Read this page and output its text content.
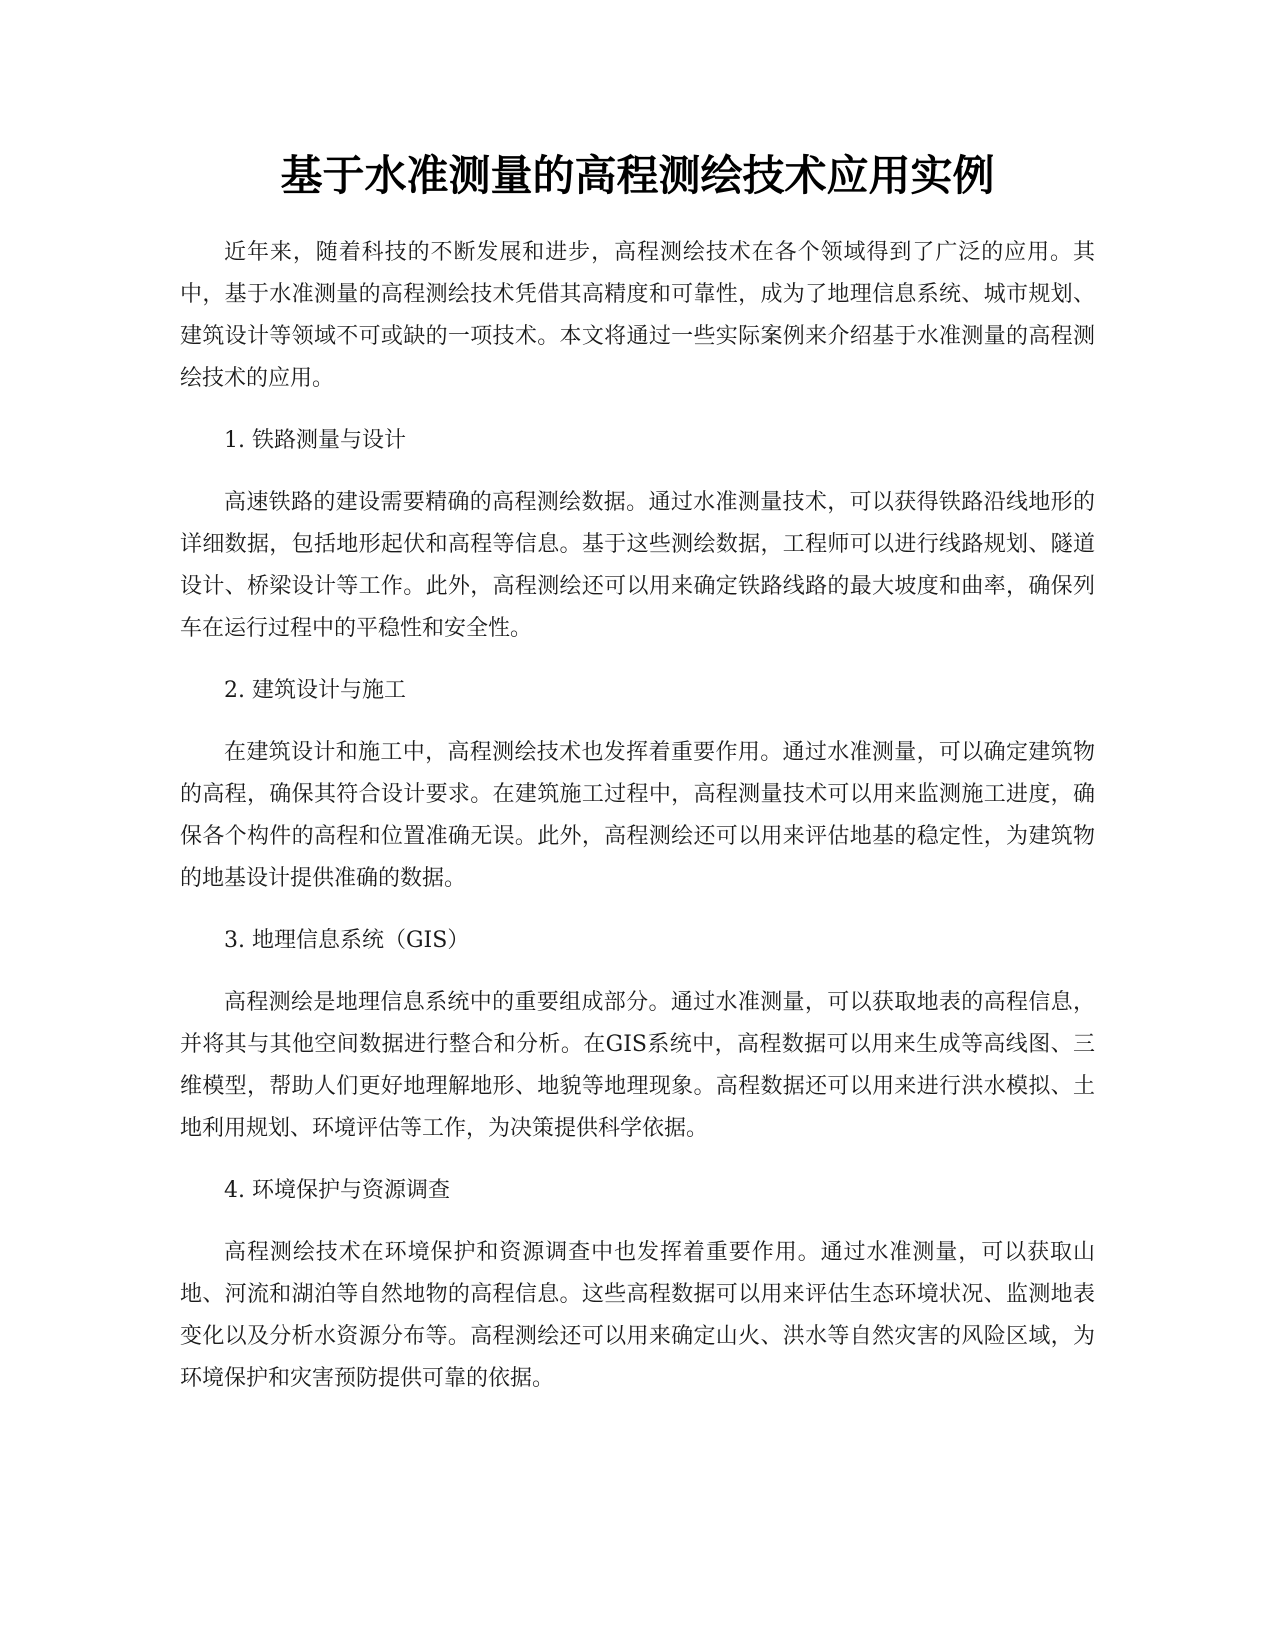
基于水准测量的高程测绘技术应用实例

近年来，随着科技的不断发展和进步，高程测绘技术在各个领域得到了广泛的应用。其中，基于水准测量的高程测绘技术凭借其高精度和可靠性，成为了地理信息系统、城市规划、建筑设计等领域不可或缺的一项技术。本文将通过一些实际案例来介绍基于水准测量的高程测绘技术的应用。

1. 铁路测量与设计

高速铁路的建设需要精确的高程测绘数据。通过水准测量技术，可以获得铁路沿线地形的详细数据，包括地形起伏和高程等信息。基于这些测绘数据，工程师可以进行线路规划、隧道设计、桥梁设计等工作。此外，高程测绘还可以用来确定铁路线路的最大坡度和曲率，确保列车在运行过程中的平稳性和安全性。

2. 建筑设计与施工

在建筑设计和施工中，高程测绘技术也发挥着重要作用。通过水准测量，可以确定建筑物的高程，确保其符合设计要求。在建筑施工过程中，高程测量技术可以用来监测施工进度，确保各个构件的高程和位置准确无误。此外，高程测绘还可以用来评估地基的稳定性，为建筑物的地基设计提供准确的数据。

3. 地理信息系统（GIS）

高程测绘是地理信息系统中的重要组成部分。通过水准测量，可以获取地表的高程信息，并将其与其他空间数据进行整合和分析。在GIS系统中，高程数据可以用来生成等高线图、三维模型，帮助人们更好地理解地形、地貌等地理现象。高程数据还可以用来进行洪水模拟、土地利用规划、环境评估等工作，为决策提供科学依据。

4. 环境保护与资源调查

高程测绘技术在环境保护和资源调查中也发挥着重要作用。通过水准测量，可以获取山地、河流和湖泊等自然地物的高程信息。这些高程数据可以用来评估生态环境状况、监测地表变化以及分析水资源分布等。高程测绘还可以用来确定山火、洪水等自然灾害的风险区域，为环境保护和灾害预防提供可靠的依据。
